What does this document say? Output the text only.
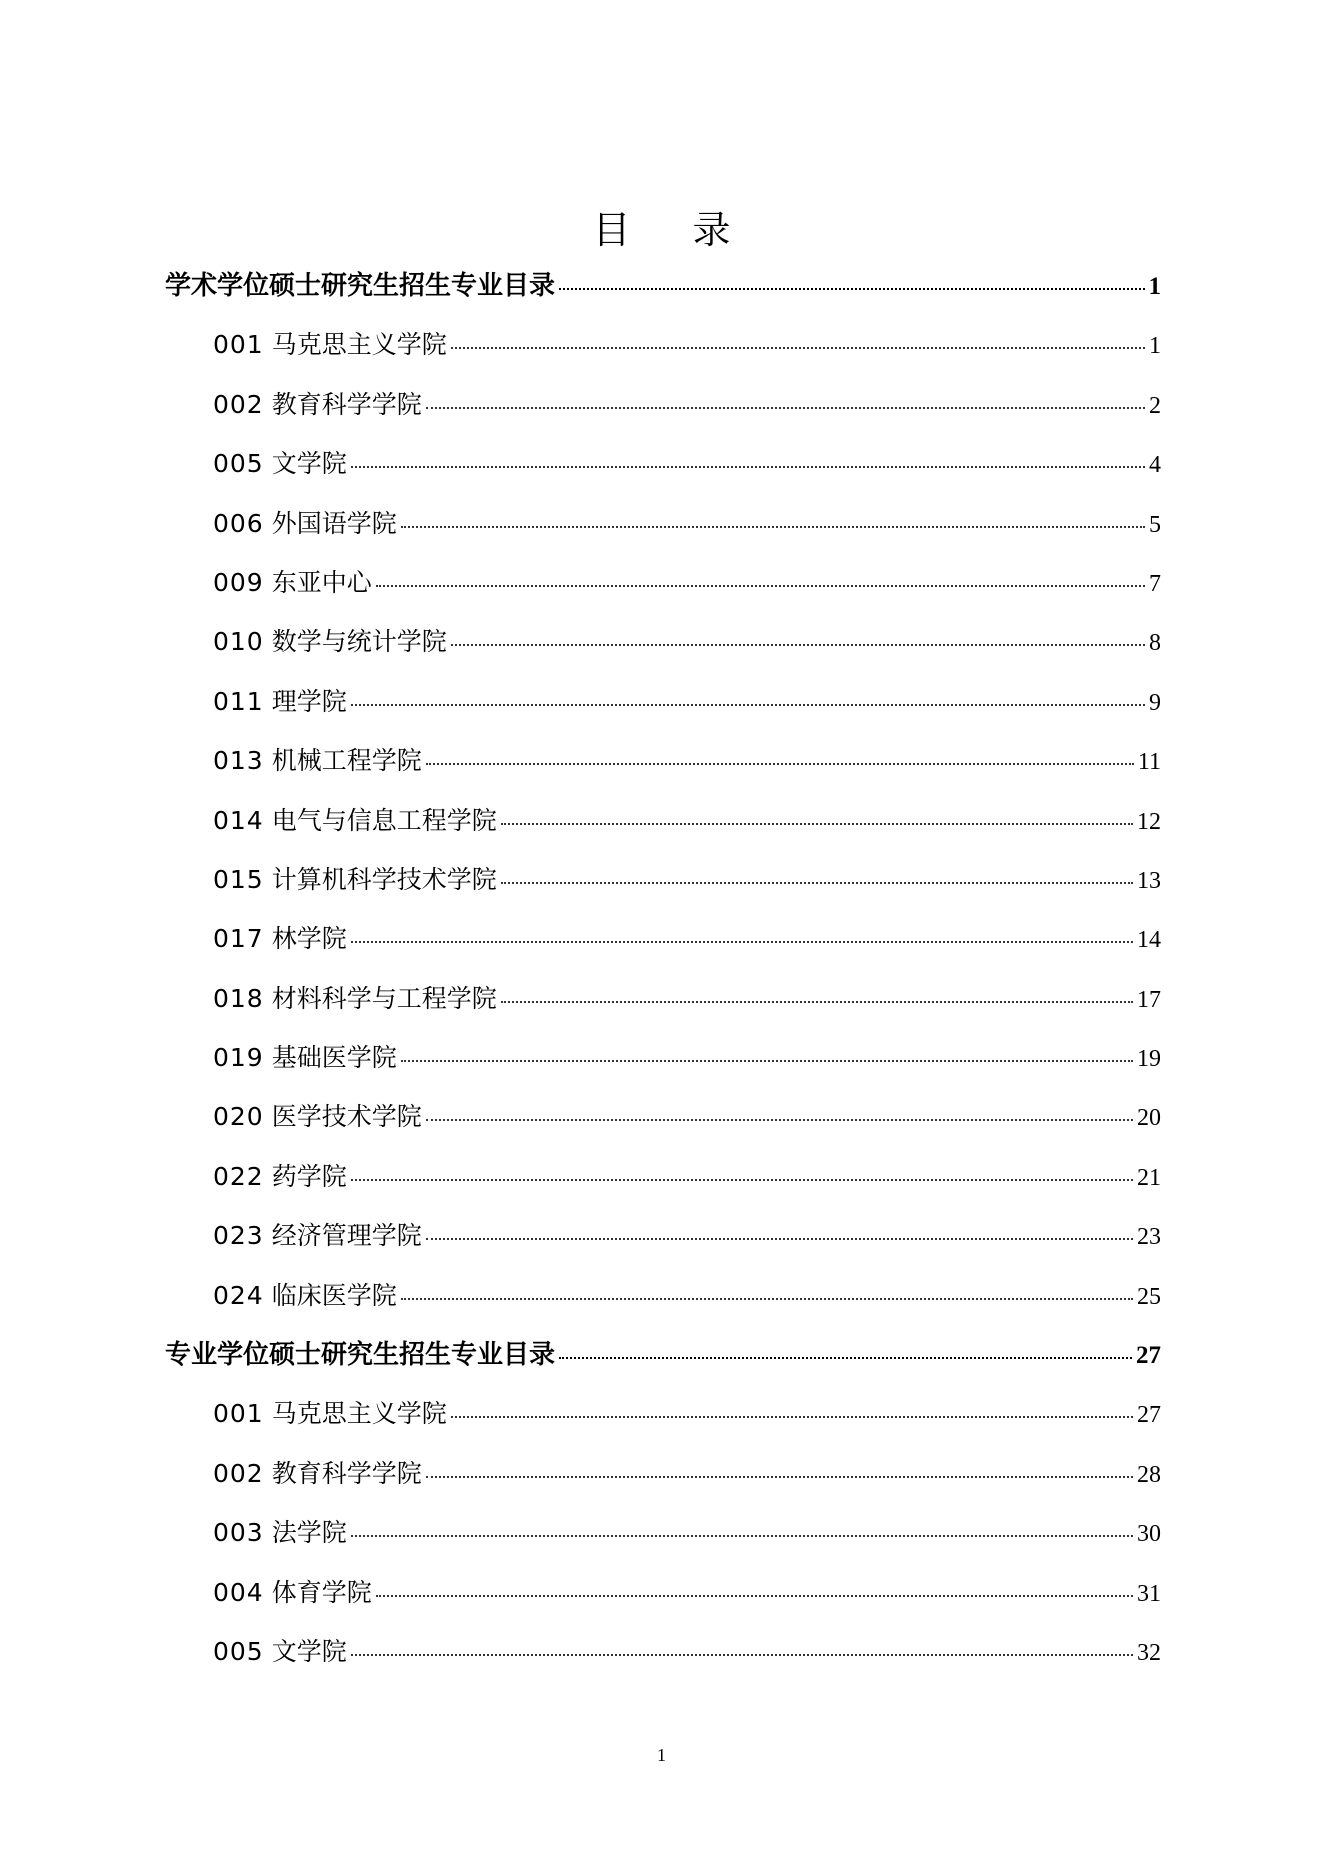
目 录
学术学位硕士研究生招生专业目录	1
001 马克思主义学院	1
002 教育科学学院	2
005 文学院	4
006 外国语学院	5
009 东亚中心	7
010 数学与统计学院	8
011 理学院	9
013 机械工程学院	11
014 电气与信息工程学院	12
015 计算机科学技术学院	13
017 林学院	14
018 材料科学与工程学院	17
019 基础医学院	19
020 医学技术学院	20
022 药学院	21
023 经济管理学院	23
024 临床医学院	25
专业学位硕士研究生招生专业目录	27
001 马克思主义学院	27
002 教育科学学院	28
003 法学院	30
004 体育学院	31
005 文学院	32
1
